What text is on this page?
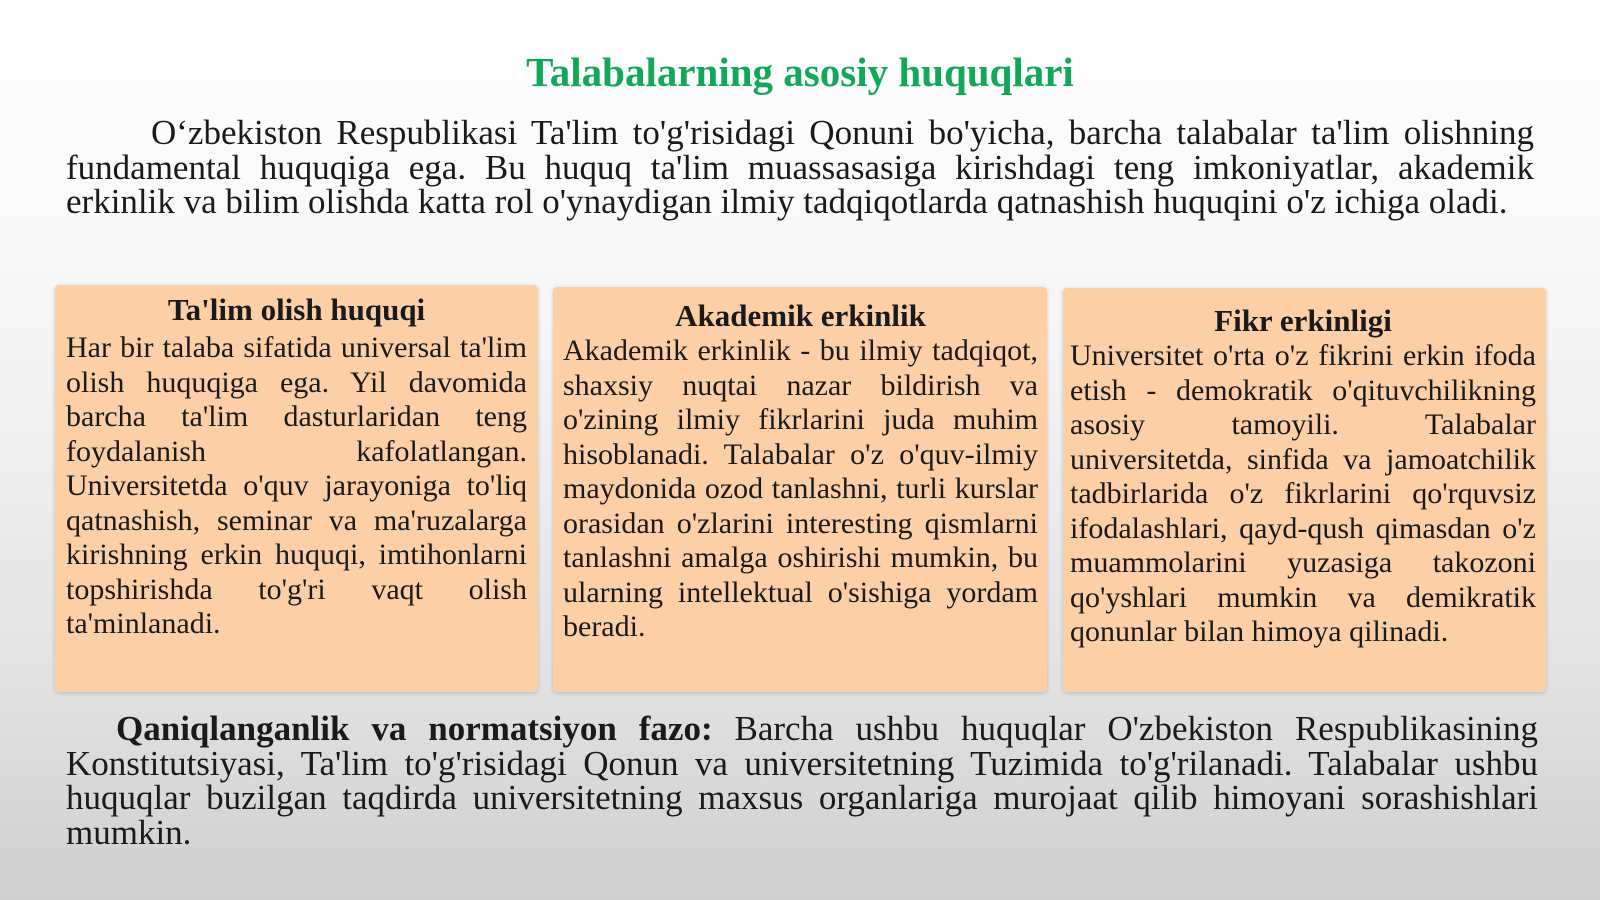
Talabalarning asosiy huquqlari
O‘zbekiston Respublikasi Ta'lim to'g'risidagi Qonuni bo'yicha, barcha talabalar ta'lim olishning fundamental huquqiga ega. Bu huquq ta'lim muassasasiga kirishdagi teng imkoniyatlar, akademik erkinlik va bilim olishda katta rol o'ynaydigan ilmiy tadqiqotlarda qatnashish huquqini o'z ichiga oladi.
Ta'lim olish huquqi
Har bir talaba sifatida universal ta'lim olish huquqiga ega. Yil davomida barcha ta'lim dasturlaridan teng foydalanish kafolatlangan. Universitetda o'quv jarayoniga to'liq qatnashish, seminar va ma'ruzalarga kirishning erkin huquqi, imtihonlarni topshirishda to'g'ri vaqt olish ta'minlanadi.
Akademik erkinlik
Akademik erkinlik - bu ilmiy tadqiqot, shaxsiy nuqtai nazar bildirish va o'zining ilmiy fikrlarini juda muhim hisoblanadi. Talabalar o'z o'quv-ilmiy maydonida ozod tanlashni, turli kurslar orasidan o'zlarini interesting qismlarni tanlashni amalga oshirishi mumkin, bu ularning intellektual o'sishiga yordam beradi.
Fikr erkinligi
Universitet o'rta o'z fikrini erkin ifoda etish - demokratik o'qituvchilikning asosiy tamoyili. Talabalar universitetda, sinfida va jamoatchilik tadbirlarida o'z fikrlarini qo'rquvsiz ifodalashlari, qayd-qush qimasdan o'z muammolarini yuzasiga takozoni qo'yshlari mumkin va demikratik qonunlar bilan himoya qilinadi.
Qaniqlanganlik va normatsiyon fazo: Barcha ushbu huquqlar O'zbekiston Respublikasining Konstitutsiyasi, Ta'lim to'g'risidagi Qonun va universitetning Tuzimida to'g'rilanadi. Talabalar ushbu huquqlar buzilgan taqdirda universitetning maxsus organlariga murojaat qilib himoyani sorashishlari mumkin.
